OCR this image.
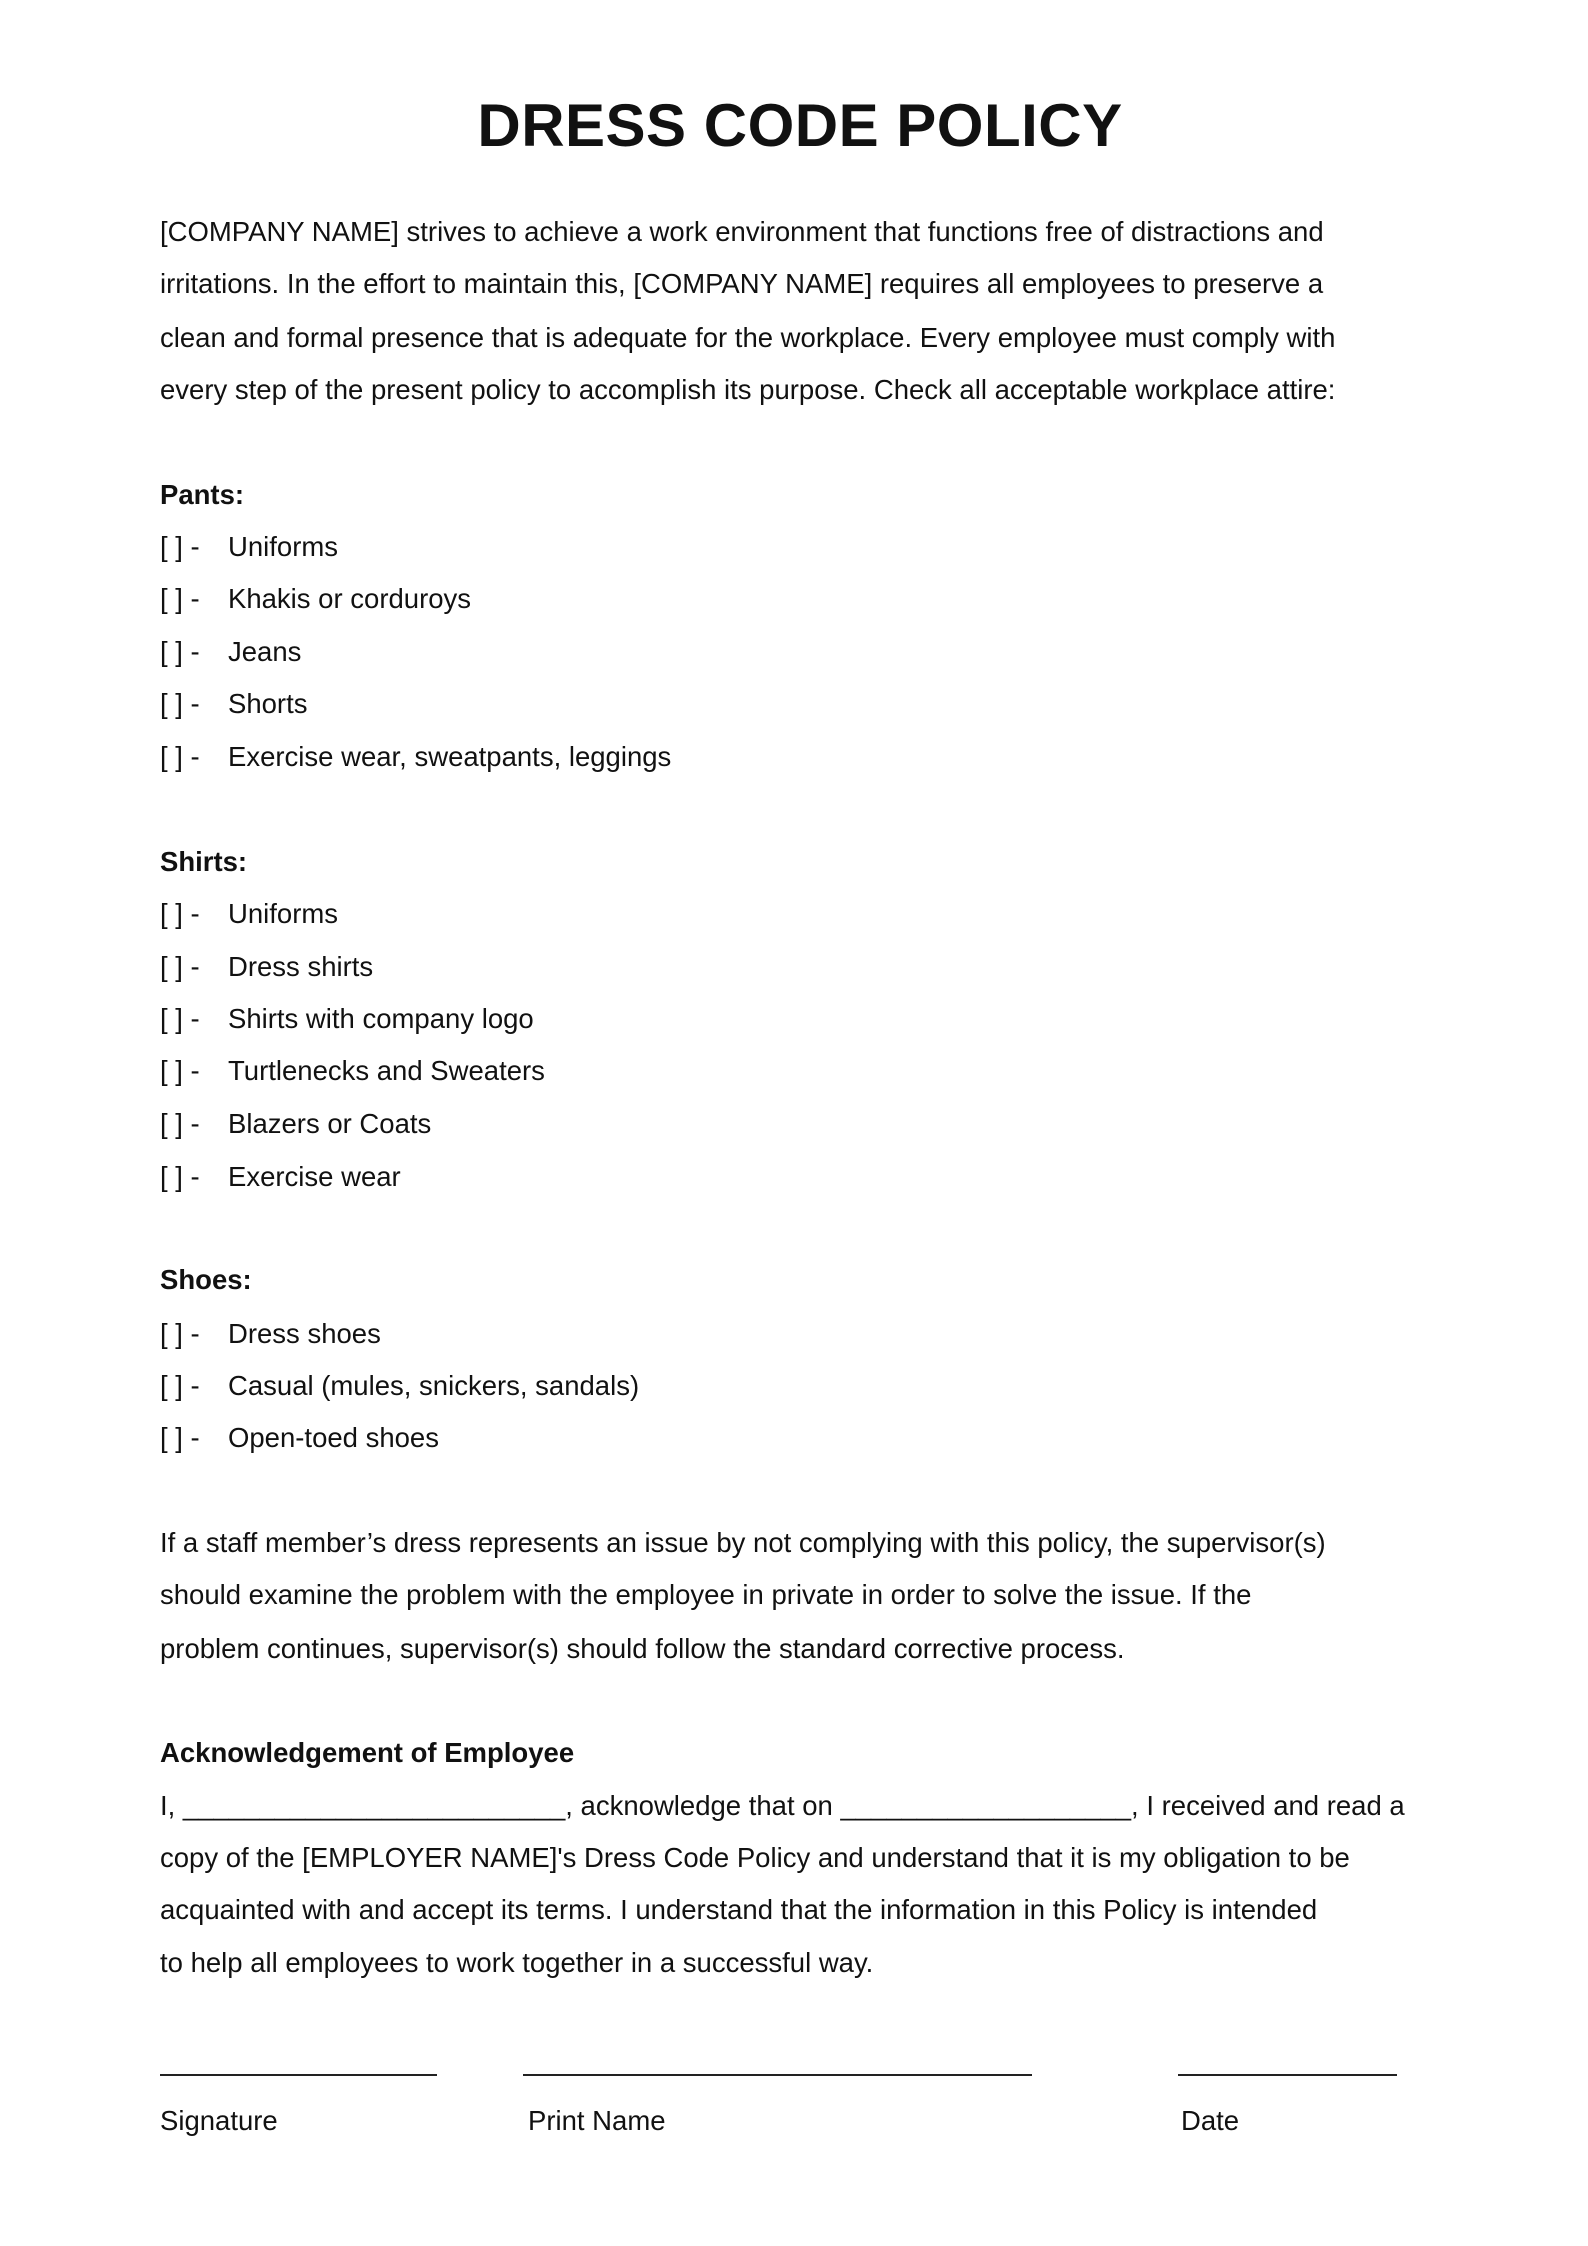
DRESS CODE POLICY
[COMPANY NAME] strives to achieve a work environment that functions free of distractions and
irritations. In the effort to maintain this, [COMPANY NAME] requires all employees to preserve a
clean and formal presence that is adequate for the workplace. Every employee must comply with
every step of the present policy to accomplish its purpose. Check all acceptable workplace attire:
Pants:
[ ] - Uniforms
[ ] - Khakis or corduroys
[ ] - Jeans
[ ] - Shorts
[ ] - Exercise wear, sweatpants, leggings
Shirts:
[ ] - Uniforms
[ ] - Dress shirts
[ ] - Shirts with company logo
[ ] - Turtlenecks and Sweaters
[ ] - Blazers or Coats
[ ] - Exercise wear
Shoes:
[ ] - Dress shoes
[ ] - Casual (mules, snickers, sandals)
[ ] - Open-toed shoes
If a staff member’s dress represents an issue by not complying with this policy, the supervisor(s)
should examine the problem with the employee in private in order to solve the issue. If the
problem continues, supervisor(s) should follow the standard corrective process.
Acknowledgement of Employee
I, _________________________, acknowledge that on ___________________, I received and read a
copy of the [EMPLOYER NAME]'s Dress Code Policy and understand that it is my obligation to be
acquainted with and accept its terms. I understand that the information in this Policy is intended
to help all employees to work together in a successful way.
Signature	Print Name	Date
